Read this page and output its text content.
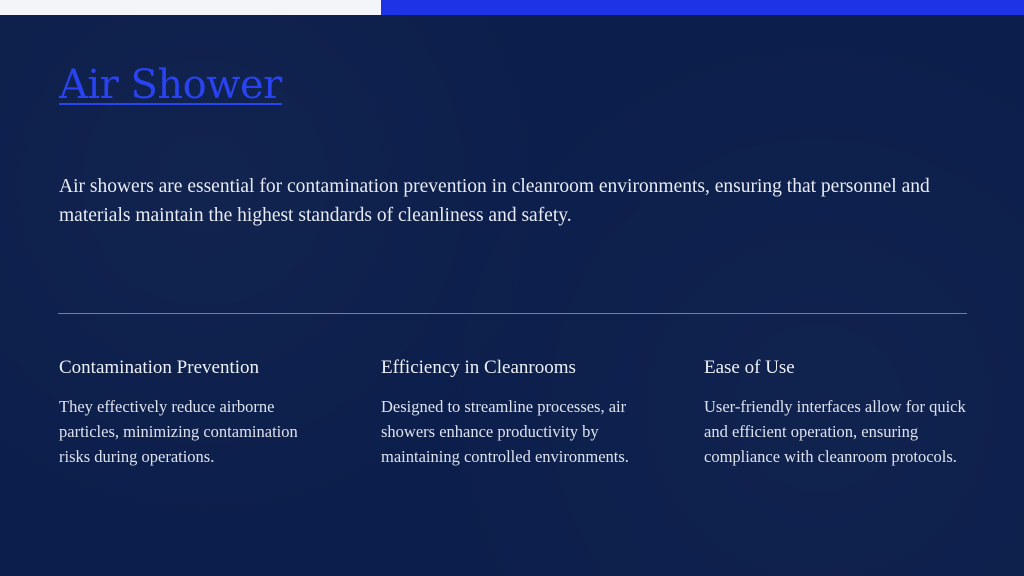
Air Shower
Air showers are essential for contamination prevention in cleanroom environments, ensuring that personnel and materials maintain the highest standards of cleanliness and safety.
Contamination Prevention

They effectively reduce airborne particles, minimizing contamination risks during operations.

Efficiency in Cleanrooms

Designed to streamline processes, air showers enhance productivity by maintaining controlled environments.

Ease of Use

User-friendly interfaces allow for quick and efficient operation, ensuring compliance with cleanroom protocols.
